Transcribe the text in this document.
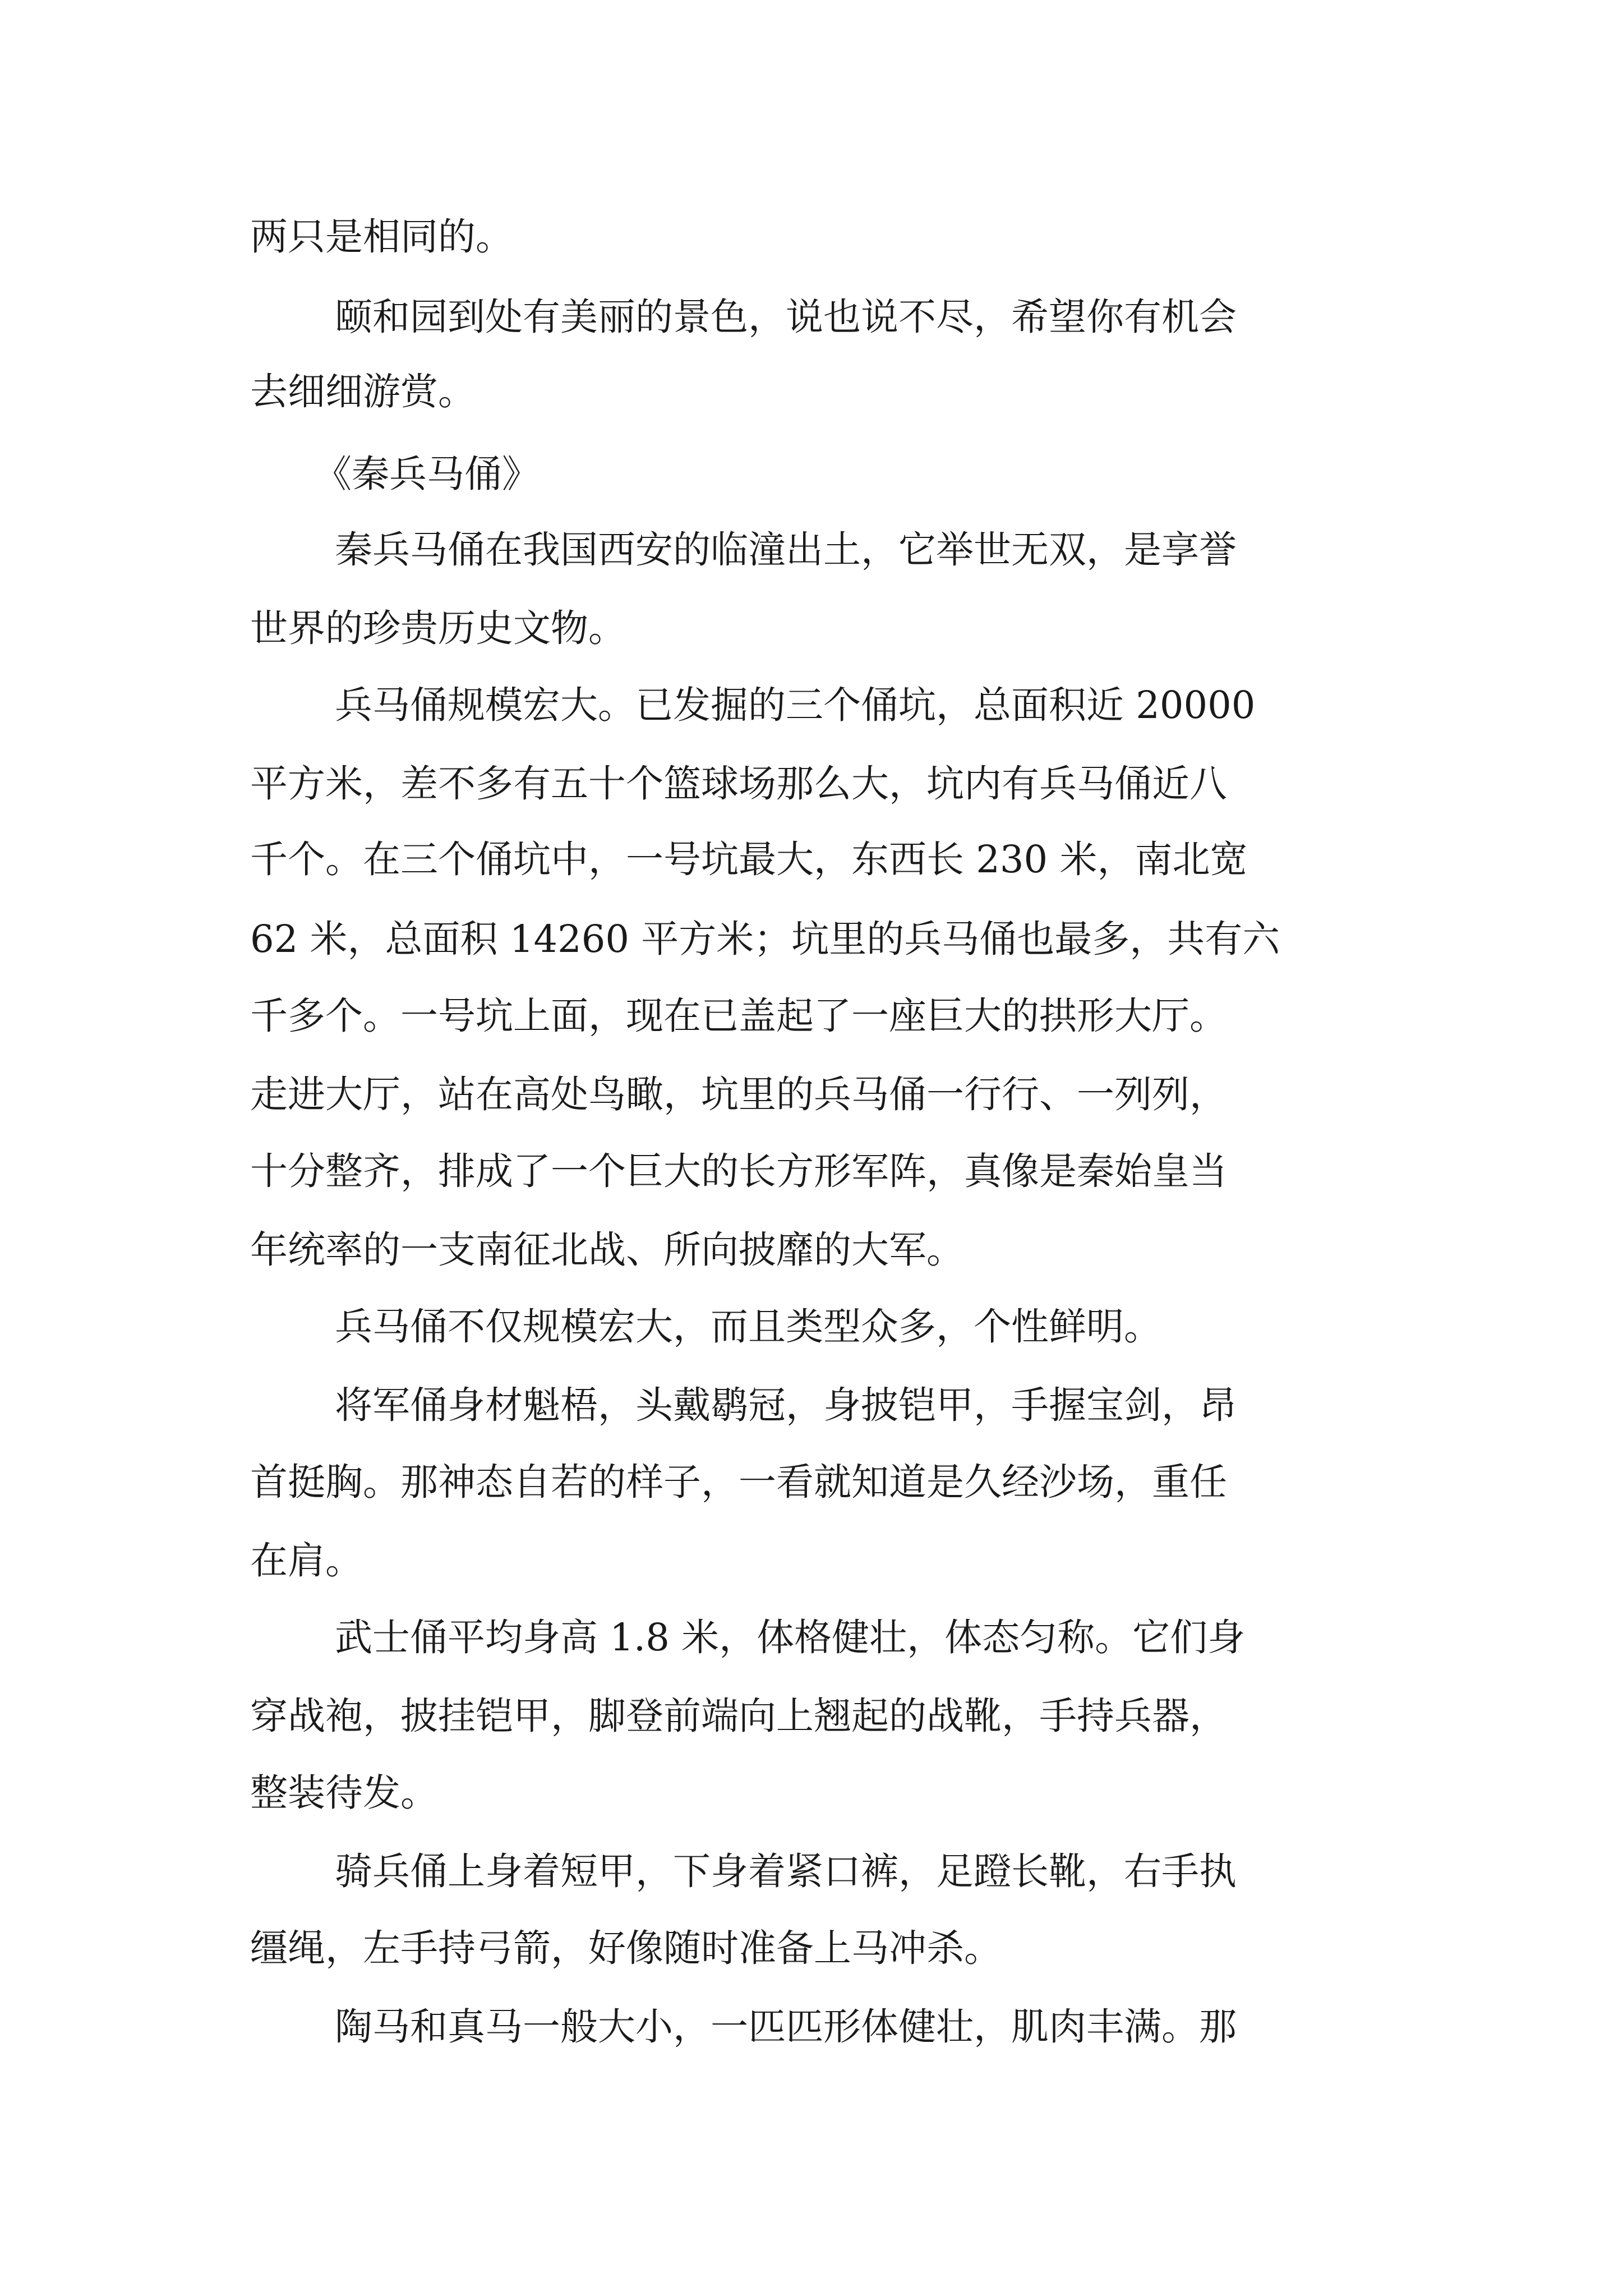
两只是相同的。
颐和园到处有美丽的景色，说也说不尽，希望你有机会
去细细游赏。
《秦兵马俑》
秦兵马俑在我国西安的临潼出土，它举世无双，是享誉
世界的珍贵历史文物。
兵马俑规模宏大。已发掘的三个俑坑，总面积近 20000
平方米，差不多有五十个篮球场那么大，坑内有兵马俑近八
千个。在三个俑坑中，一号坑最大，东西长 230 米，南北宽
62 米，总面积 14260 平方米；坑里的兵马俑也最多，共有六
千多个。一号坑上面，现在已盖起了一座巨大的拱形大厅。
走进大厅，站在高处鸟瞰，坑里的兵马俑一行行、一列列，
十分整齐，排成了一个巨大的长方形军阵，真像是秦始皇当
年统率的一支南征北战、所向披靡的大军。
兵马俑不仅规模宏大，而且类型众多，个性鲜明。
将军俑身材魁梧，头戴鹖冠，身披铠甲，手握宝剑，昂
首挺胸。那神态自若的样子，一看就知道是久经沙场，重任
在肩。
武士俑平均身高 1.8 米，体格健壮，体态匀称。它们身
穿战袍，披挂铠甲，脚登前端向上翘起的战靴，手持兵器，
整装待发。
骑兵俑上身着短甲，下身着紧口裤，足蹬长靴，右手执
缰绳，左手持弓箭，好像随时准备上马冲杀。
陶马和真马一般大小，一匹匹形体健壮，肌肉丰满。那
